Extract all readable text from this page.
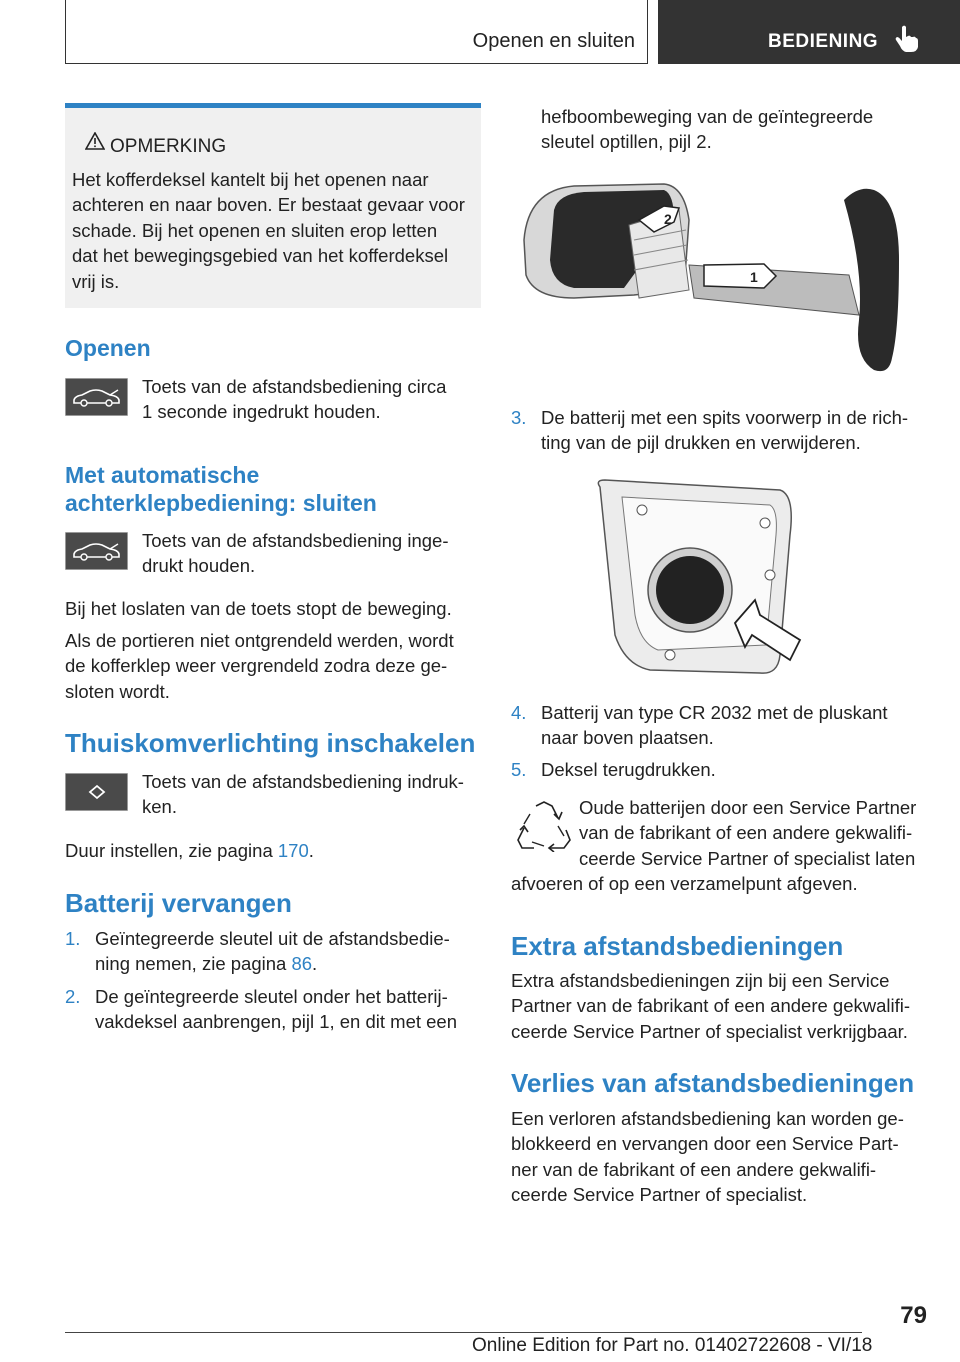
Openen en sluiten	BEDIENING
OPMERKING
Het kofferdeksel kantelt bij het openen naar
achteren en naar boven. Er bestaat gevaar voor
schade. Bij het openen en sluiten erop letten
dat het bewegingsgebied van het kofferdeksel
vrij is.
Openen
Toets van de afstandsbediening circa
1 seconde ingedrukt houden.
Met automatische
achterklepbediening: sluiten
Toets van de afstandsbediening inge-
drukt houden.
Bij het loslaten van de toets stopt de beweging.
Als de portieren niet ontgrendeld werden, wordt
de kofferklep weer vergrendeld zodra deze ge-
sloten wordt.
Thuiskomverlichting inschakelen
Toets van de afstandsbediening indruk-
ken.
Duur instellen, zie pagina 170.
Batterij vervangen
1. Geïntegreerde sleutel uit de afstandsbedie-
ning nemen, zie pagina 86.
2. De geïntegreerde sleutel onder het batterij-
vakdeksel aanbrengen, pijl 1, en dit met een
hefboombeweging van de geïntegreerde
sleutel optillen, pijl 2.
1
2
3. De batterij met een spits voorwerp in de rich-
ting van de pijl drukken en verwijderen.
4. Batterij van type CR 2032 met de pluskant
naar boven plaatsen.
5. Deksel terugdrukken.
Oude batterijen door een Service Partner
van de fabrikant of een andere gekwalifi-
ceerde Service Partner of specialist laten
afvoeren of op een verzamelpunt afgeven.
Extra afstandsbedieningen
Extra afstandsbedieningen zijn bij een Service
Partner van de fabrikant of een andere gekwalifi-
ceerde Service Partner of specialist verkrijgbaar.
Verlies van afstandsbedieningen
Een verloren afstandsbediening kan worden ge-
blokkeerd en vervangen door een Service Part-
ner van de fabrikant of een andere gekwalifi-
ceerde Service Partner of specialist.
79
Online Edition for Part no. 01402722608 - VI/18
